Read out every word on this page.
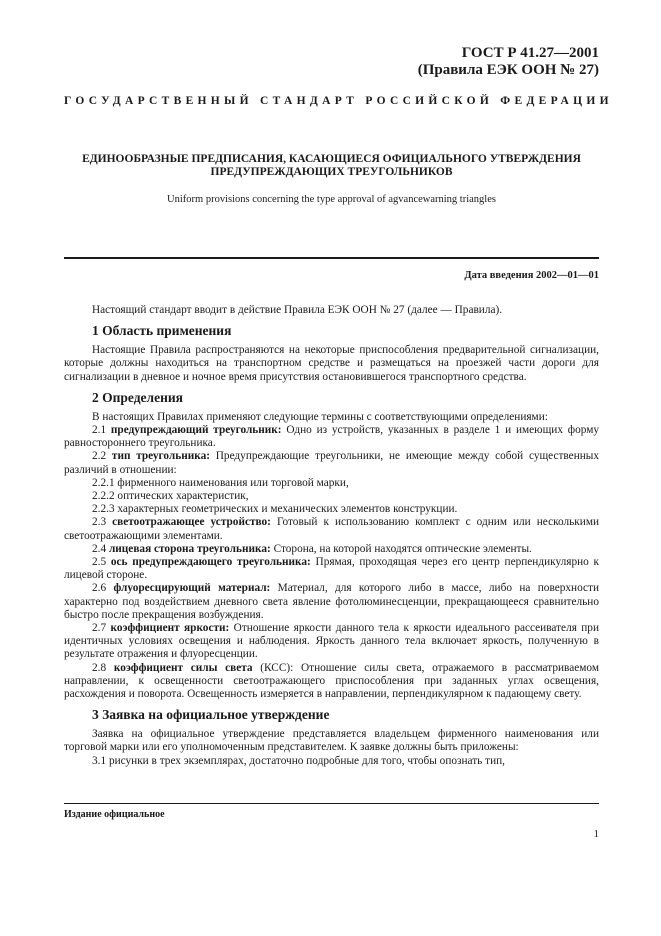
ГОСТ Р 41.27—2001
(Правила ЕЭК ООН № 27)
ГОСУДАРСТВЕННЫЙ СТАНДАРТ РОССИЙСКОЙ ФЕДЕРАЦИИ
ЕДИНООБРАЗНЫЕ ПРЕДПИСАНИЯ, КАСАЮЩИЕСЯ ОФИЦИАЛЬНОГО УТВЕРЖДЕНИЯ
ПРЕДУПРЕЖДАЮЩИХ ТРЕУГОЛЬНИКОВ
Uniform provisions concerning the type approval of agvancewarning triangles
Дата введения 2002—01—01

Настоящий стандарт вводит в действие Правила ЕЭК ООН № 27 (далее — Правила).

1 Область применения

Настоящие Правила распространяются на некоторые приспособления предварительной сигнализации, которые должны находиться на транспортном средстве и размещаться на проезжей части дороги для сигнализации в дневное и ночное время присутствия остановившегося транспортного средства.

2 Определения

В настоящих Правилах применяют следующие термины с соответствующими определениями:

2.1 предупреждающий треугольник: Одно из устройств, указанных в разделе 1 и имеющих форму равностороннего треугольника.

2.2 тип треугольника: Предупреждающие треугольники, не имеющие между собой существенных различий в отношении:

2.2.1 фирменного наименования или торговой марки,

2.2.2 оптических характеристик,

2.2.3 характерных геометрических и механических элементов конструкции.

2.3 светоотражающее устройство: Готовый к использованию комплект с одним или несколькими светоотражающими элементами.

2.4 лицевая сторона треугольника: Сторона, на которой находятся оптические элементы.

2.5 ось предупреждающего треугольника: Прямая, проходящая через его центр перпендикулярно к лицевой стороне.

2.6 флуоресцирующий материал: Материал, для которого либо в массе, либо на поверхности характерно под воздействием дневного света явление фотолюминесценции, прекращающееся сравнительно быстро после прекращения возбуждения.

2.7 коэффициент яркости: Отношение яркости данного тела к яркости идеального рассеивателя при идентичных условиях освещения и наблюдения. Яркость данного тела включает яркость, полученную в результате отражения и флуоресценции.

2.8 коэффициент силы света (КСС): Отношение силы света, отражаемого в рассматриваемом направлении, к освещенности светоотражающего приспособления при заданных углах освещения, расхождения и поворота. Освещенность измеряется в направлении, перпендикулярном к падающему свету.

3 Заявка на официальное утверждение

Заявка на официальное утверждение представляется владельцем фирменного наименования или торговой марки или его уполномоченным представителем. К заявке должны быть приложены:

3.1 рисунки в трех экземплярах, достаточно подробные для того, чтобы опознать тип,

Издание официальное
1
